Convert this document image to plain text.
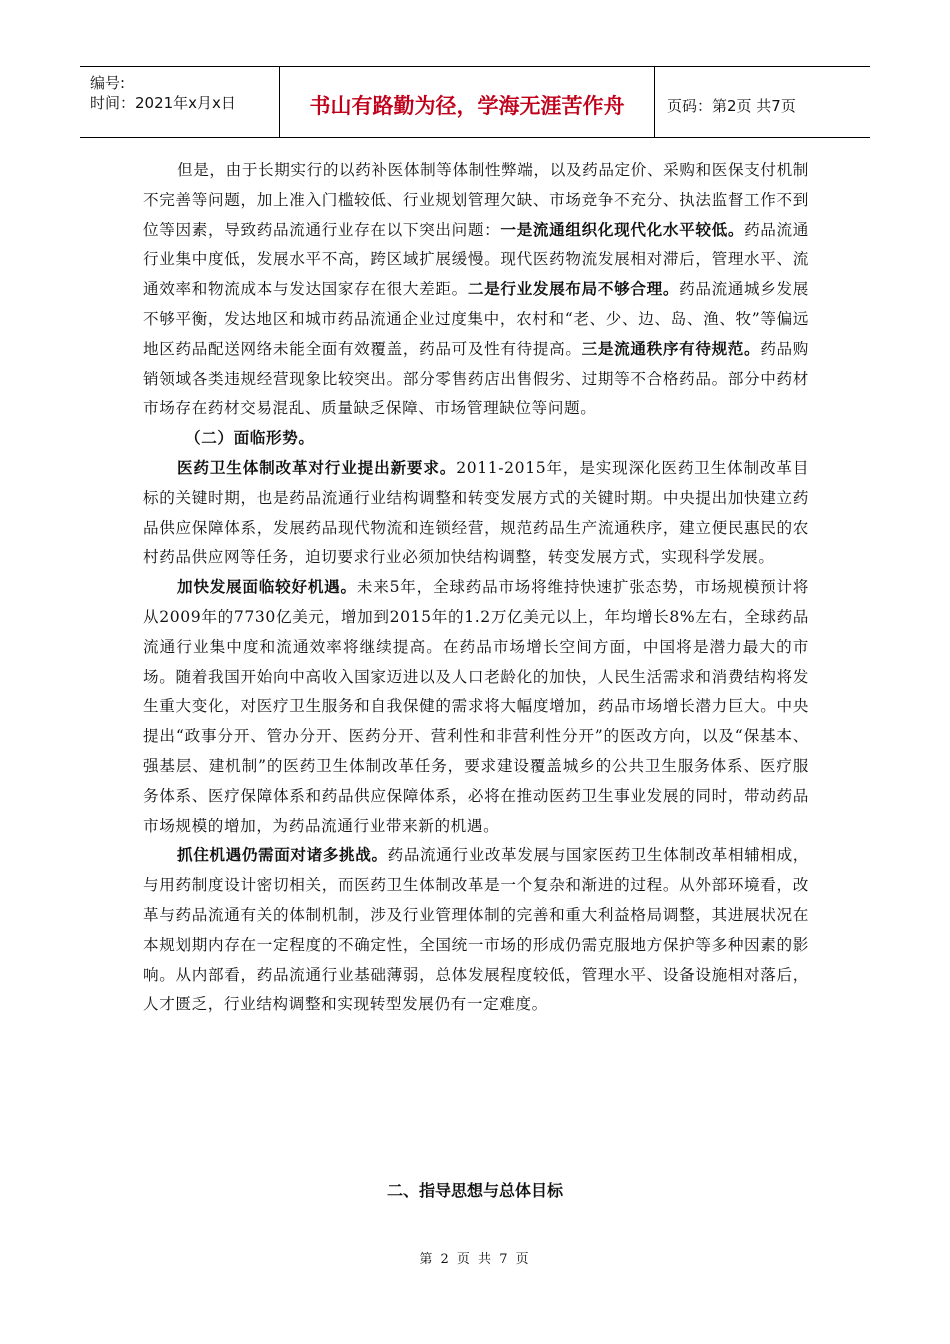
编号:
时间：2021年x月x日	书山有路勤为径，学海无涯苦作舟	页码：第2页 共7页

但是，由于长期实行的以药补医体制等体制性弊端，以及药品定价、采购和医保支付机制不完善等问题，加上准入门槛较低、行业规划管理欠缺、市场竞争不充分、执法监督工作不到位等因素，导致药品流通行业存在以下突出问题：一是流通组织化现代化水平较低。药品流通行业集中度低，发展水平不高，跨区域扩展缓慢。现代医药物流发展相对滞后，管理水平、流通效率和物流成本与发达国家存在很大差距。二是行业发展布局不够合理。药品流通城乡发展不够平衡，发达地区和城市药品流通企业过度集中，农村和“老、少、边、岛、渔、牧”等偏远地区药品配送网络未能全面有效覆盖，药品可及性有待提高。三是流通秩序有待规范。药品购销领域各类违规经营现象比较突出。部分零售药店出售假劣、过期等不合格药品。部分中药材市场存在药材交易混乱、质量缺乏保障、市场管理缺位等问题。

（二）面临形势。

医药卫生体制改革对行业提出新要求。2011-2015年，是实现深化医药卫生体制改革目标的关键时期，也是药品流通行业结构调整和转变发展方式的关键时期。中央提出加快建立药品供应保障体系，发展药品现代物流和连锁经营，规范药品生产流通秩序，建立便民惠民的农村药品供应网等任务，迫切要求行业必须加快结构调整，转变发展方式，实现科学发展。

加快发展面临较好机遇。未来5年，全球药品市场将维持快速扩张态势，市场规模预计将从2009年的7730亿美元，增加到2015年的1.2万亿美元以上，年均增长8%左右，全球药品流通行业集中度和流通效率将继续提高。在药品市场增长空间方面，中国将是潜力最大的市场。随着我国开始向中高收入国家迈进以及人口老龄化的加快，人民生活需求和消费结构将发生重大变化，对医疗卫生服务和自我保健的需求将大幅度增加，药品市场增长潜力巨大。中央提出“政事分开、管办分开、医药分开、营利性和非营利性分开”的医改方向，以及“保基本、强基层、建机制”的医药卫生体制改革任务，要求建设覆盖城乡的公共卫生服务体系、医疗服务体系、医疗保障体系和药品供应保障体系，必将在推动医药卫生事业发展的同时，带动药品市场规模的增加，为药品流通行业带来新的机遇。

抓住机遇仍需面对诸多挑战。药品流通行业改革发展与国家医药卫生体制改革相辅相成，与用药制度设计密切相关，而医药卫生体制改革是一个复杂和渐进的过程。从外部环境看，改革与药品流通有关的体制机制，涉及行业管理体制的完善和重大利益格局调整，其进展状况在本规划期内存在一定程度的不确定性，全国统一市场的形成仍需克服地方保护等多种因素的影响。从内部看，药品流通行业基础薄弱，总体发展程度较低，管理水平、设备设施相对落后，人才匮乏，行业结构调整和实现转型发展仍有一定难度。

二、指导思想与总体目标
第 2 页 共 7 页
